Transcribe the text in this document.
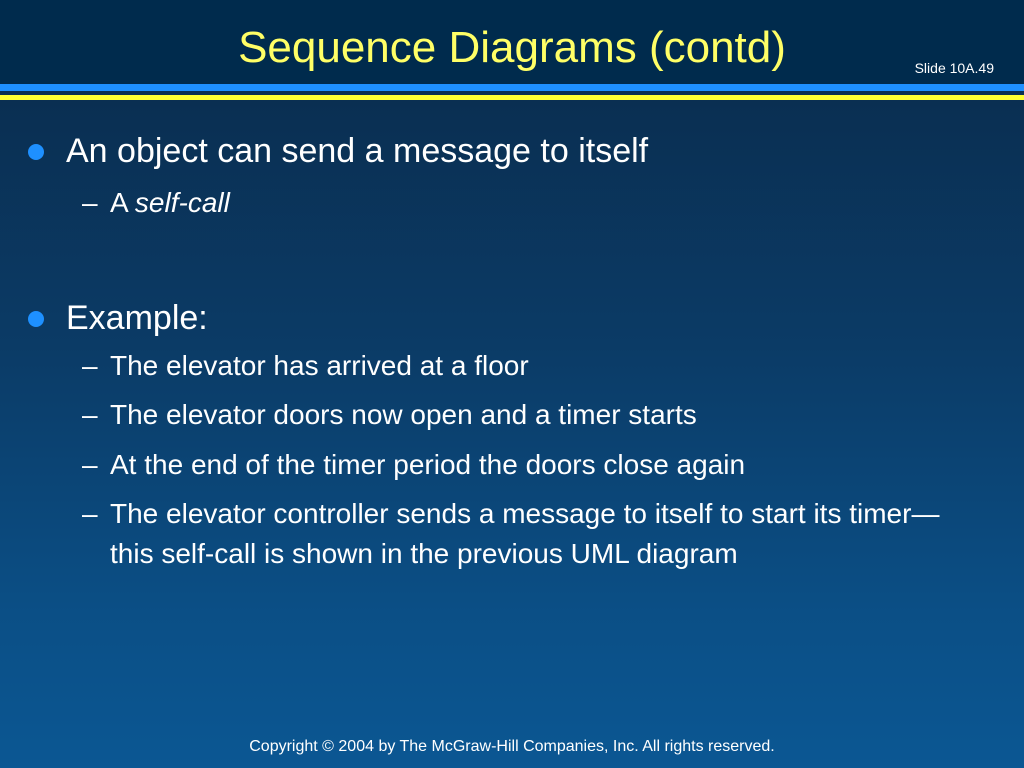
Sequence Diagrams (contd)	Slide 10A.49
An object can send a message to itself
– A self-call
Example:
– The elevator has arrived at a floor
– The elevator doors now open and a timer starts
– At the end of the timer period the doors close again
– The elevator controller sends a message to itself to start its timer—this self-call is shown in the previous UML diagram
Copyright © 2004 by The McGraw-Hill Companies, Inc. All rights reserved.
